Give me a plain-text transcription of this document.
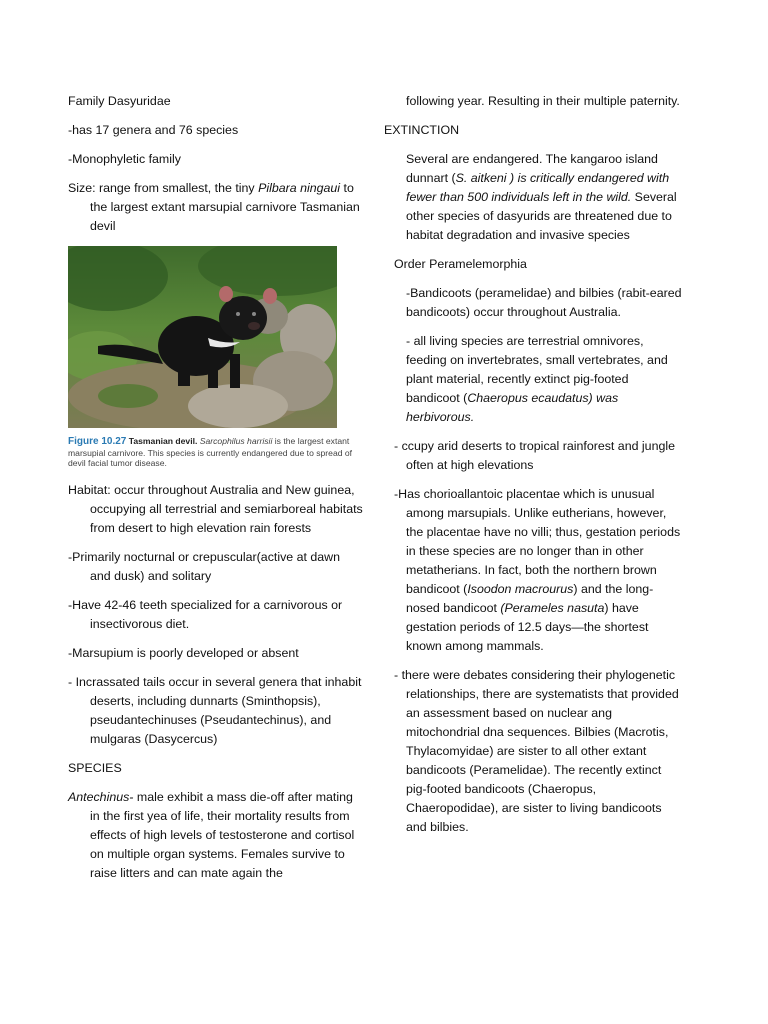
Family Dasyuridae

-has 17 genera and 76 species

-Monophyletic family

Size: range from smallest, the tiny Pilbara ningaui to the largest extant marsupial carnivore Tasmanian devil

Figure 10.27 Tasmanian devil. Sarcophilus harrisii is the largest extant marsupial carnivore. This species is currently endangered due to spread of devil facial tumor disease.

Habitat: occur throughout Australia and New guinea, occupying all terrestrial and semiarboreal habitats from desert to high elevation rain forests

-Primarily nocturnal or crepuscular(active at dawn and dusk) and solitary

-Have 42-46 teeth specialized for a carnivorous or insectivorous diet.

-Marsupium is poorly developed or absent

- Incrassated tails occur in several genera that inhabit deserts, including dunnarts (Sminthopsis), pseudantechinuses (Pseudantechinus), and mulgaras (Dasycercus)

SPECIES

Antechinus- male exhibit a mass die-off after mating in the first yea of life, their mortality results from effects of high levels of testosterone and cortisol on multiple organ systems. Females survive to raise litters and can mate again the

following year. Resulting in their multiple paternity.

EXTINCTION

Several are endangered. The kangaroo island dunnart (S. aitkeni ) is critically endangered with fewer than 500 individuals left in the wild. Several other species of dasyurids are threatened due to habitat degradation and invasive species

Order Peramelemorphia

-Bandicoots (peramelidae) and bilbies (rabit-eared bandicoots) occur throughout Australia.

- all living species are terrestrial omnivores, feeding on invertebrates, small vertebrates, and plant material, recently extinct pig-footed bandicoot (Chaeropus ecaudatus) was herbivorous.

- ccupy arid deserts to tropical rainforest and jungle often at high elevations

-Has chorioallantoic placentae which is unusual among marsupials. Unlike eutherians, however, the placentae have no villi; thus, gestation periods in these species are no longer than in other metatherians. In fact, both the northern brown bandicoot (Isoodon macrourus) and the long-nosed bandicoot (Perameles nasuta) have gestation periods of 12.5 days—the shortest known among mammals.

- there were debates considering their phylogenetic relationships, there are systematists that provided an assessment based on nuclear ang mitochondrial dna sequences. Bilbies (Macrotis, Thylacomyidae) are sister to all other extant bandicoots (Peramelidae). The recently extinct pig-footed bandicoots (Chaeropus, Chaeropodidae), are sister to living bandicoots and bilbies.
